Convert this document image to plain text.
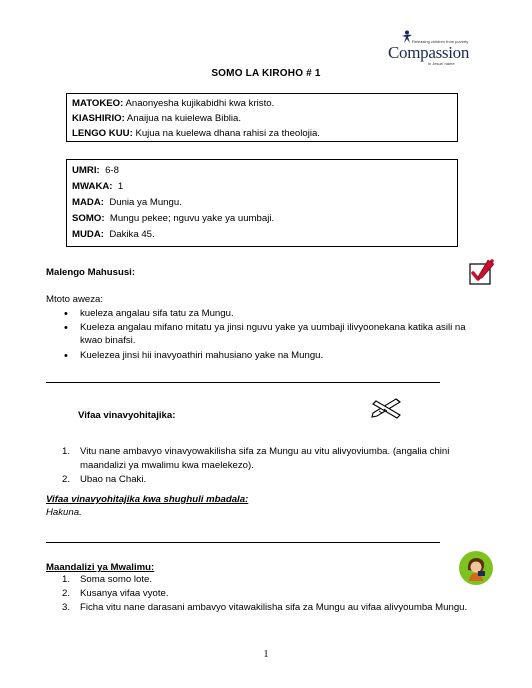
Releasing children from poverty
Compassion
in Jesus' name
SOMO LA KIROHO # 1
MATOKEO: Anaonyesha kujikabidhi kwa kristo.
KIASHIRIO: Anaijua na kuielewa Biblia.
LENGO KUU: Kujua na kuelewa dhana rahisi za theolojia.
UMRI: 6-8
MWAKA: 1
MADA: Dunia ya Mungu.
SOMO: Mungu pekee; nguvu yake ya uumbaji.
MUDA: Dakika 45.
Malengo Mahususi:
Mtoto aweza:
• kueleza angalau sifa tatu za Mungu.
• Kueleza angalau mifano mitatu ya jinsi nguvu yake ya uumbaji ilivyoonekana katika asili na
kwao binafsi.
• Kuelezea jinsi hii inavyoathiri mahusiano yake na Mungu.
Vifaa vinavyohitajika:
1. Vitu nane ambavyo vinavyowakilisha sifa za Mungu au vitu alivyoviumba. (angalia chini
maandalizi ya mwalimu kwa maelekezo).
2. Ubao na Chaki.
Vifaa vinavyohitajika kwa shughuli mbadala:
Hakuna.
Maandalizi ya Mwalimu:
1. Soma somo lote.
2. Kusanya vifaa vyote.
3. Ficha vitu nane darasani ambavyo vitawakilisha sifa za Mungu au vifaa alivyoumba Mungu.
1
